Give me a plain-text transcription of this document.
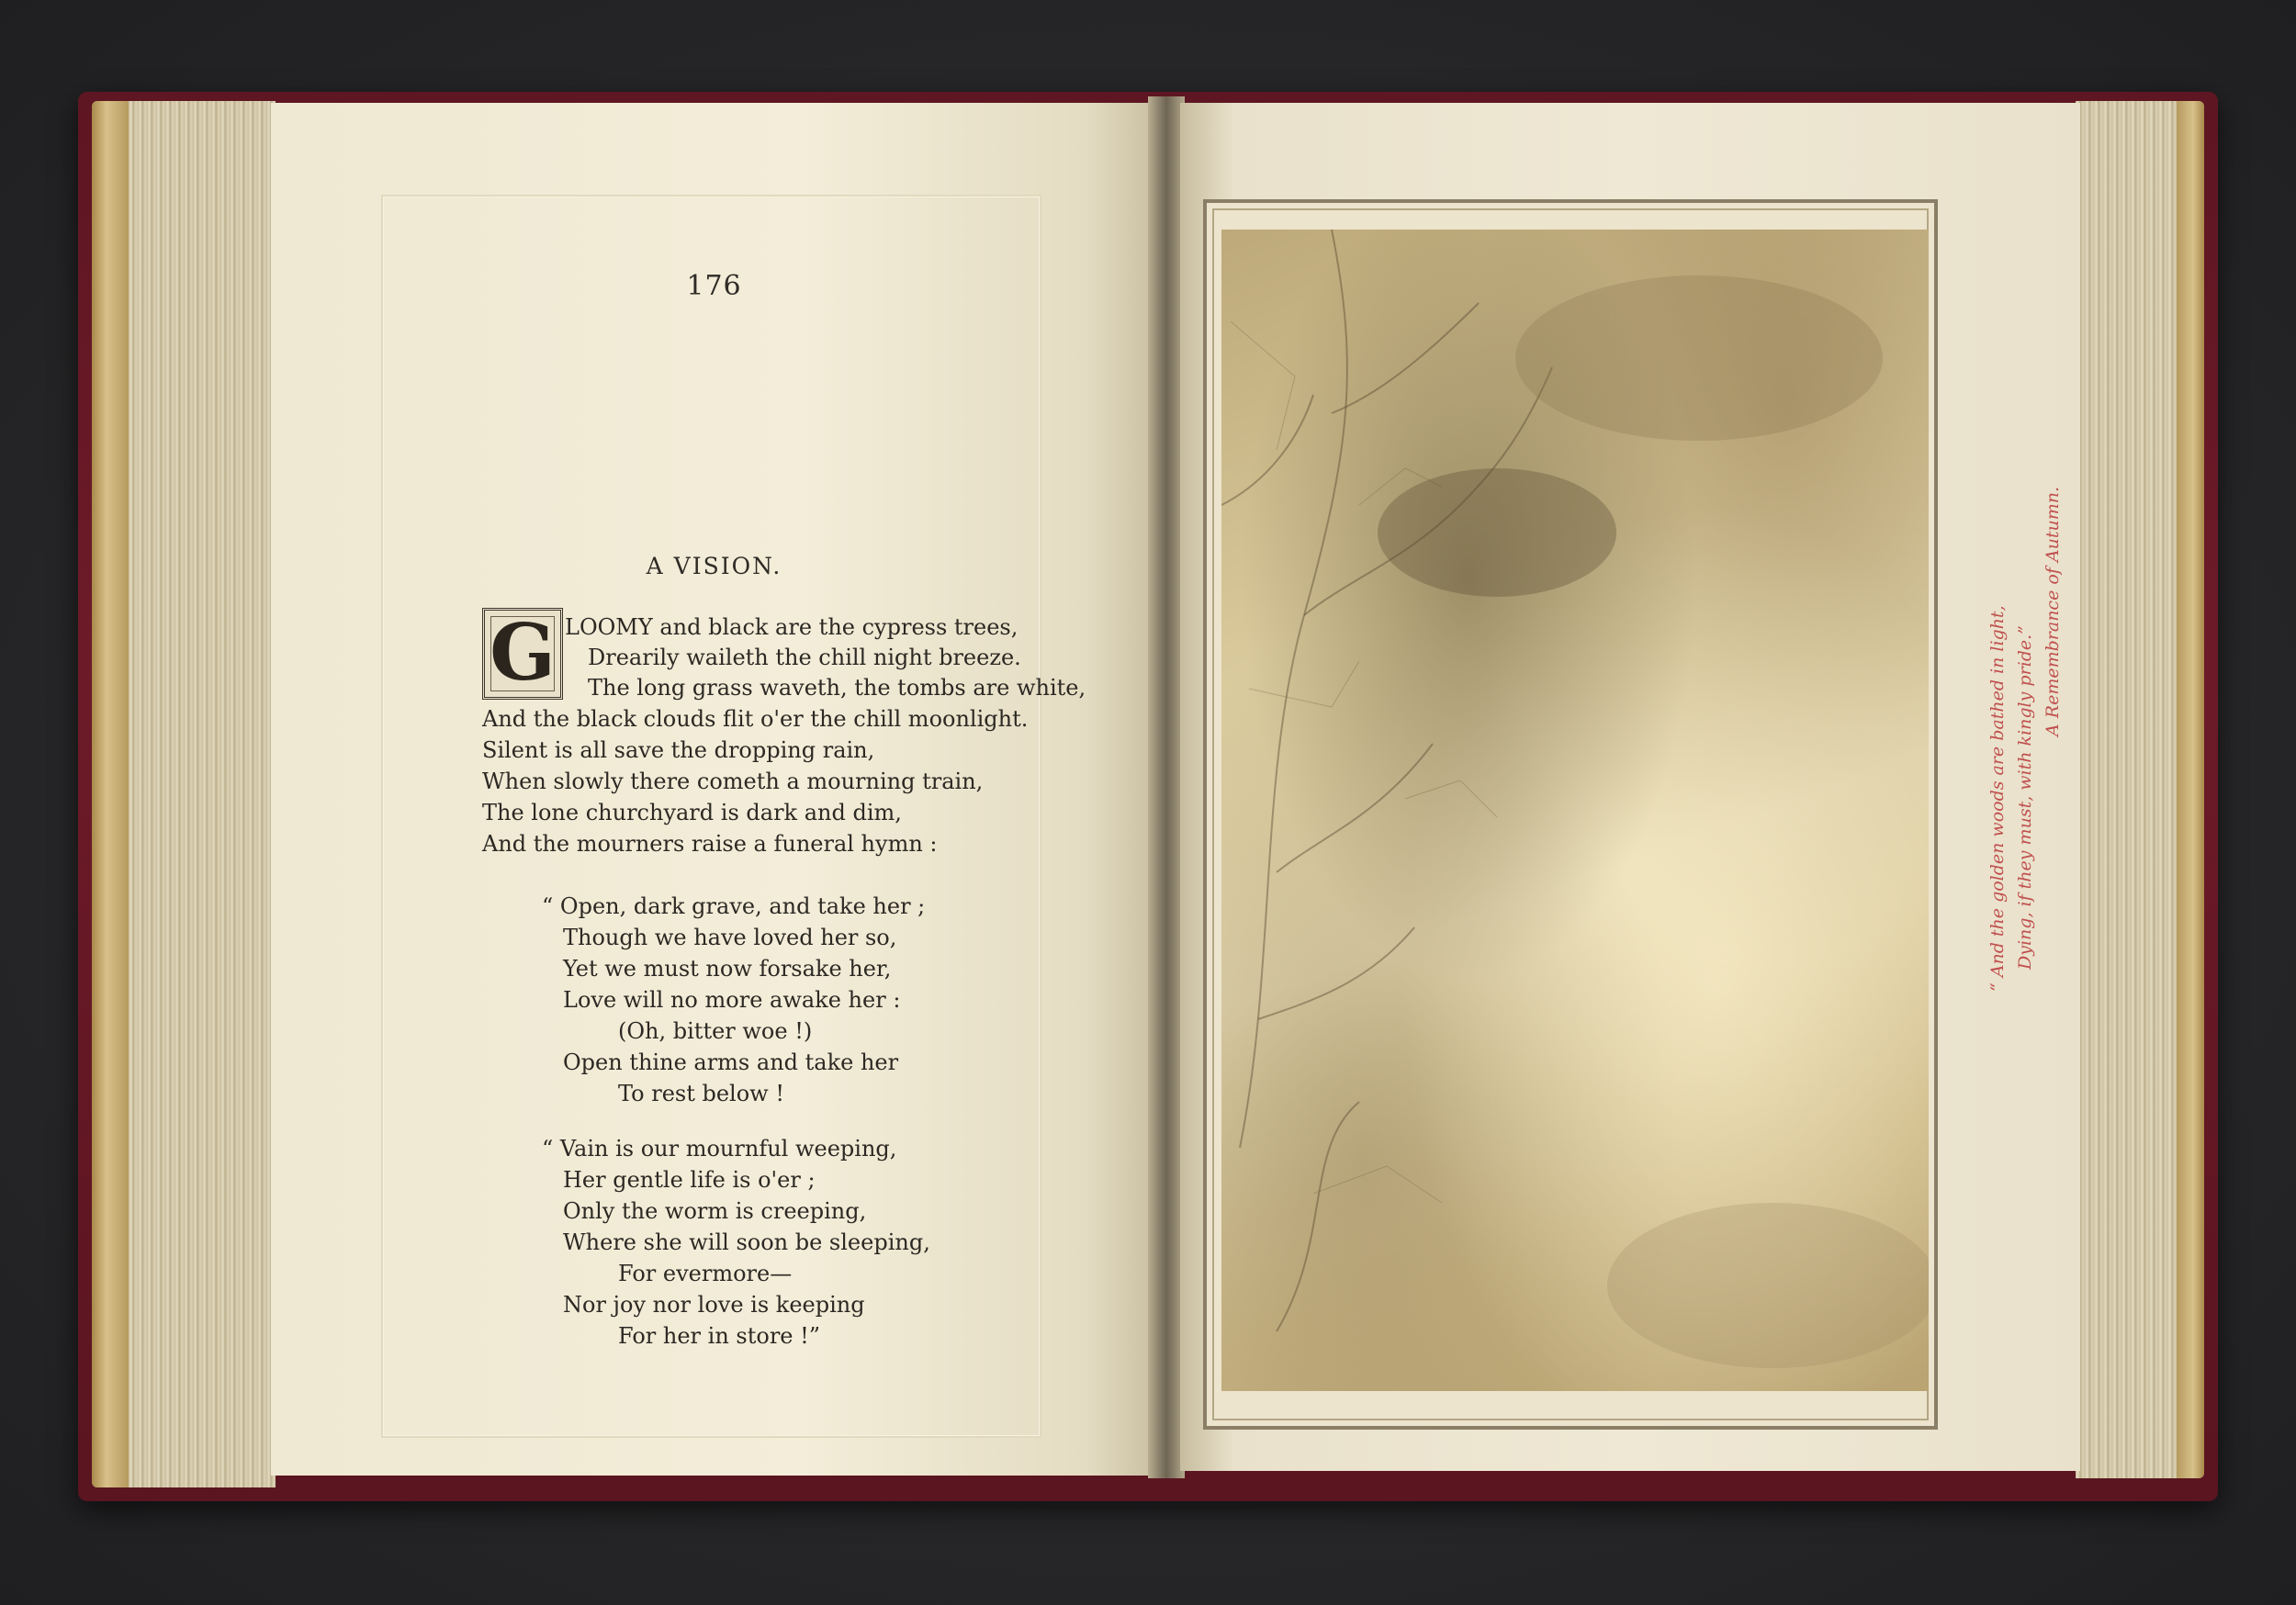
176
A VISION.
G LOOMY and black are the cypress trees,
Drearily waileth the chill night breeze.
The long grass waveth, the tombs are white,
And the black clouds flit o'er the chill moonlight.
Silent is all save the dropping rain,
When slowly there cometh a mourning train,
The lone churchyard is dark and dim,
And the mourners raise a funeral hymn :
“ Open, dark grave, and take her ;
Though we have loved her so,
Yet we must now forsake her,
Love will no more awake her :
(Oh, bitter woe !)
Open thine arms and take her
To rest below !
“ Vain is our mournful weeping,
Her gentle life is o'er ;
Only the worm is creeping,
Where she will soon be sleeping,
For evermore—
Nor joy nor love is keeping
For her in store !”
“ And the golden woods are bathed in light, Dying, if they must, with kingly pride.”
A Remembrance of Autumn.
